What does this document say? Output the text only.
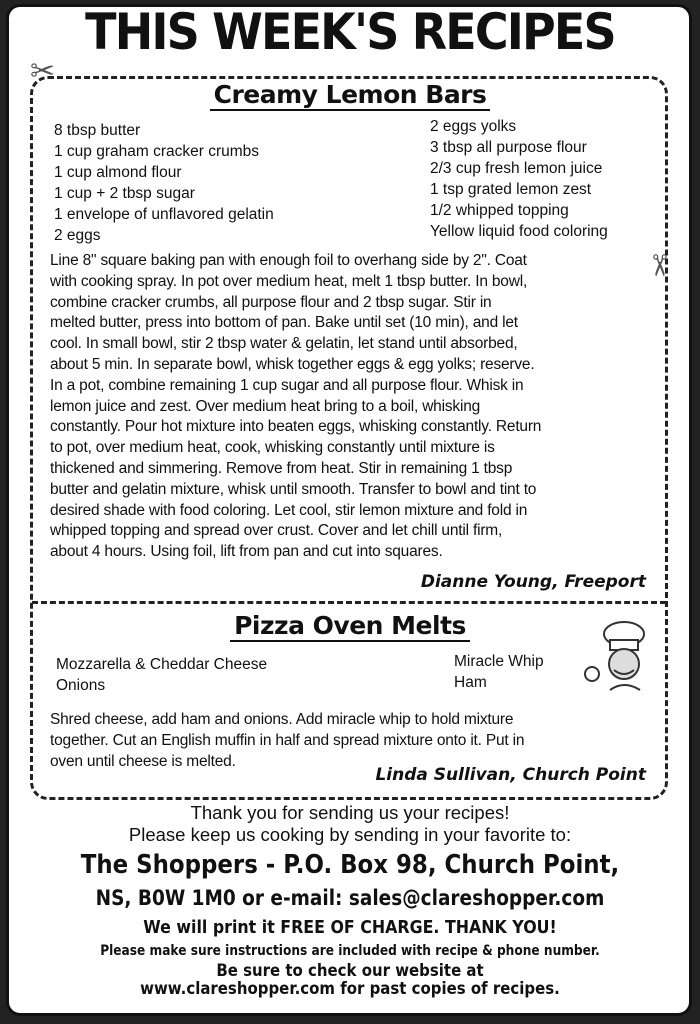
THIS WEEK'S RECIPES
✂
✂
Creamy Lemon Bars
8 tbsp butter
1 cup graham cracker crumbs
1 cup almond flour
1 cup + 2 tbsp sugar
1 envelope of unflavored gelatin
2 eggs
2 eggs yolks
3 tbsp all purpose flour
2/3 cup fresh lemon juice
1 tsp grated lemon zest
1/2 whipped topping
Yellow liquid food coloring
Line 8" square baking pan with enough foil to overhang side by 2". Coat
with cooking spray. In pot over medium heat, melt 1 tbsp butter. In bowl,
combine cracker crumbs, all purpose flour and 2 tbsp sugar. Stir in
melted butter, press into bottom of pan. Bake until set (10 min), and let
cool. In small bowl, stir 2 tbsp water & gelatin, let stand until absorbed,
about 5 min. In separate bowl, whisk together eggs & egg yolks; reserve.
In a pot, combine remaining 1 cup sugar and all purpose flour. Whisk in
lemon juice and zest. Over medium heat bring to a boil, whisking
constantly. Pour hot mixture into beaten eggs, whisking constantly. Return
to pot, over medium heat, cook, whisking constantly until mixture is
thickened and simmering. Remove from heat. Stir in remaining 1 tbsp
butter and gelatin mixture, whisk until smooth. Transfer to bowl and tint to
desired shade with food coloring. Let cool, stir lemon mixture and fold in
whipped topping and spread over crust. Cover and let chill until firm,
about 4 hours. Using foil, lift from pan and cut into squares.
Dianne Young, Freeport
Pizza Oven Melts
Mozzarella & Cheddar Cheese
Onions
Miracle Whip
Ham
Shred cheese, add ham and onions. Add miracle whip to hold mixture
together. Cut an English muffin in half and spread mixture onto it. Put in
oven until cheese is melted.
Linda Sullivan, Church Point
Thank you for sending us your recipes!
Please keep us cooking by sending in your favorite to:
The Shoppers - P.O. Box 98, Church Point,
NS, B0W 1M0 or e-mail: sales@clareshopper.com
We will print it FREE OF CHARGE. THANK YOU!
Please make sure instructions are included with recipe & phone number.
Be sure to check our website at
www.clareshopper.com for past copies of recipes.
